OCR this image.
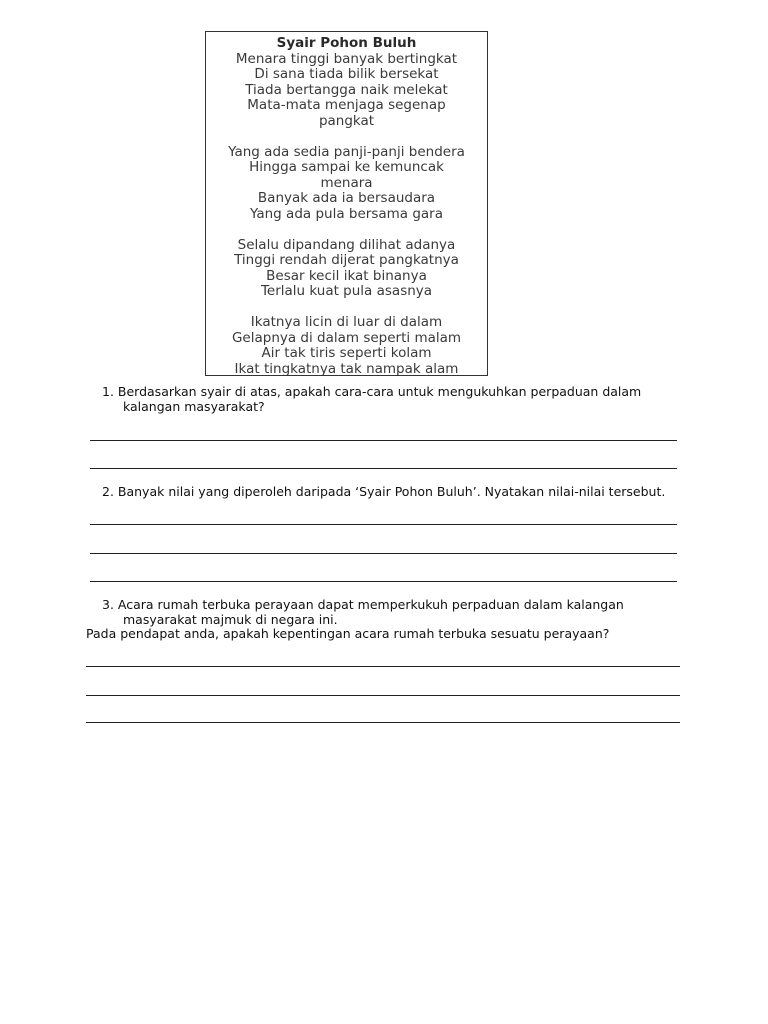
Syair Pohon Buluh
Menara tinggi banyak bertingkat
Di sana tiada bilik bersekat
Tiada bertangga naik melekat
Mata-mata menjaga segenap
pangkat
Yang ada sedia panji-panji bendera
Hingga sampai ke kemuncak
menara
Banyak ada ia bersaudara
Yang ada pula bersama gara
Selalu dipandang dilihat adanya
Tinggi rendah dijerat pangkatnya
Besar kecil ikat binanya
Terlalu kuat pula asasnya
Ikatnya licin di luar di dalam
Gelapnya di dalam seperti malam
Air tak tiris seperti kolam
Ikat tingkatnya tak nampak alam
1. Berdasarkan syair di atas, apakah cara-cara untuk mengukuhkan perpaduan dalam
kalangan masyarakat?
2. Banyak nilai yang diperoleh daripada ‘Syair Pohon Buluh’. Nyatakan nilai-nilai tersebut.
3. Acara rumah terbuka perayaan dapat memperkukuh perpaduan dalam kalangan
masyarakat majmuk di negara ini.
Pada pendapat anda, apakah kepentingan acara rumah terbuka sesuatu perayaan?
